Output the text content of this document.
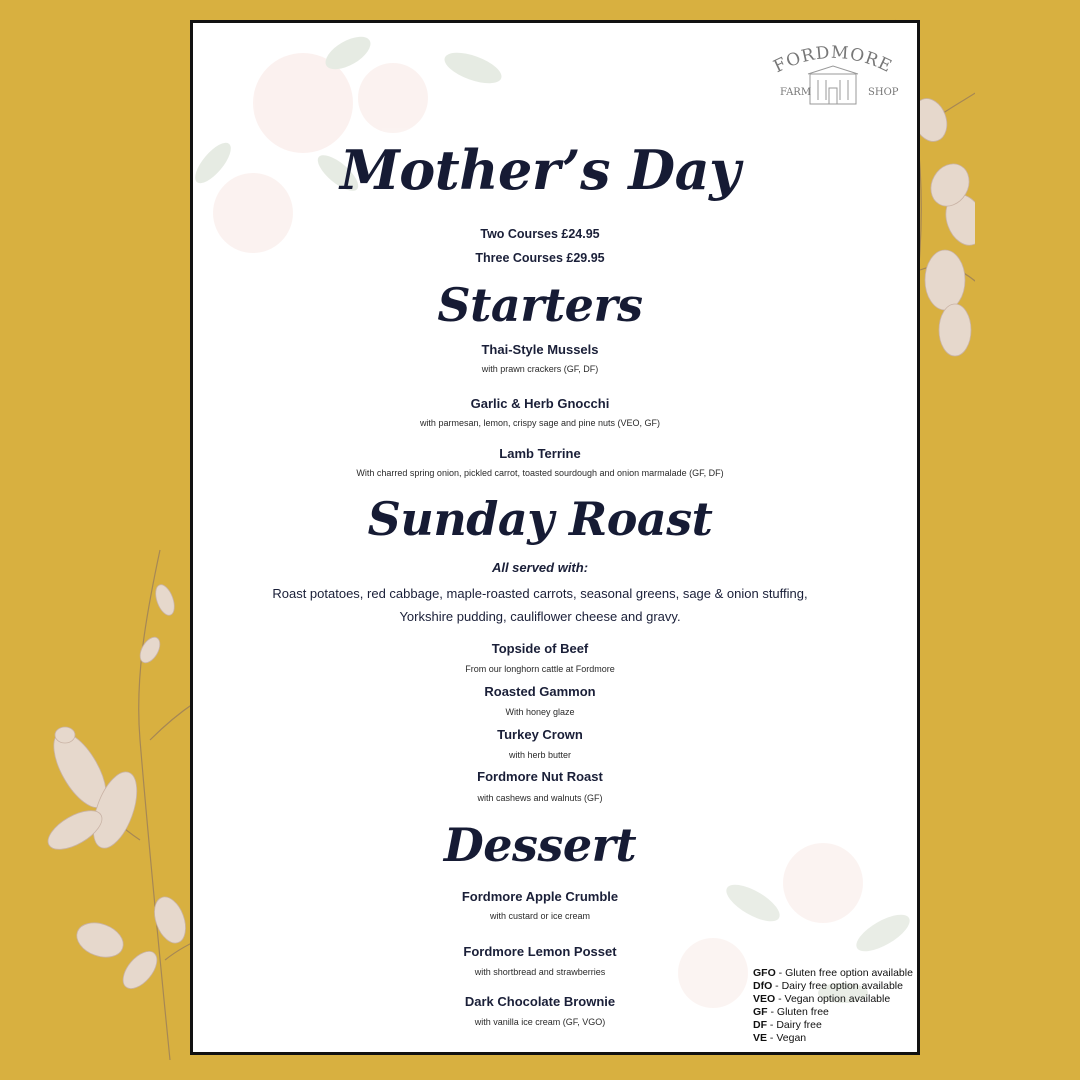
FORDMORE
FARM	SHOP
Mother’s Day
Two Courses £24.95
Three Courses £29.95
Starters
Thai-Style Mussels
with prawn crackers (GF, DF)
Garlic & Herb Gnocchi
with parmesan, lemon, crispy sage and pine nuts (VEO, GF)
Lamb Terrine
With charred spring onion, pickled carrot, toasted sourdough and onion marmalade (GF, DF)
Sunday Roast
All served with:
Roast potatoes, red cabbage, maple-roasted carrots, seasonal greens, sage & onion stuffing,
Yorkshire pudding, cauliflower cheese and gravy.
Topside of Beef
From our longhorn cattle at Fordmore
Roasted Gammon
With honey glaze
Turkey Crown
with herb butter
Fordmore Nut Roast
with cashews and walnuts (GF)
Dessert
Fordmore Apple Crumble
with custard or ice cream
Fordmore Lemon Posset
with shortbread and strawberries
Dark Chocolate Brownie
with vanilla ice cream (GF, VGO)
GFO - Gluten free option available
DfO - Dairy free option available
VEO - Vegan option available
GF - Gluten free
DF - Dairy free
VE - Vegan
